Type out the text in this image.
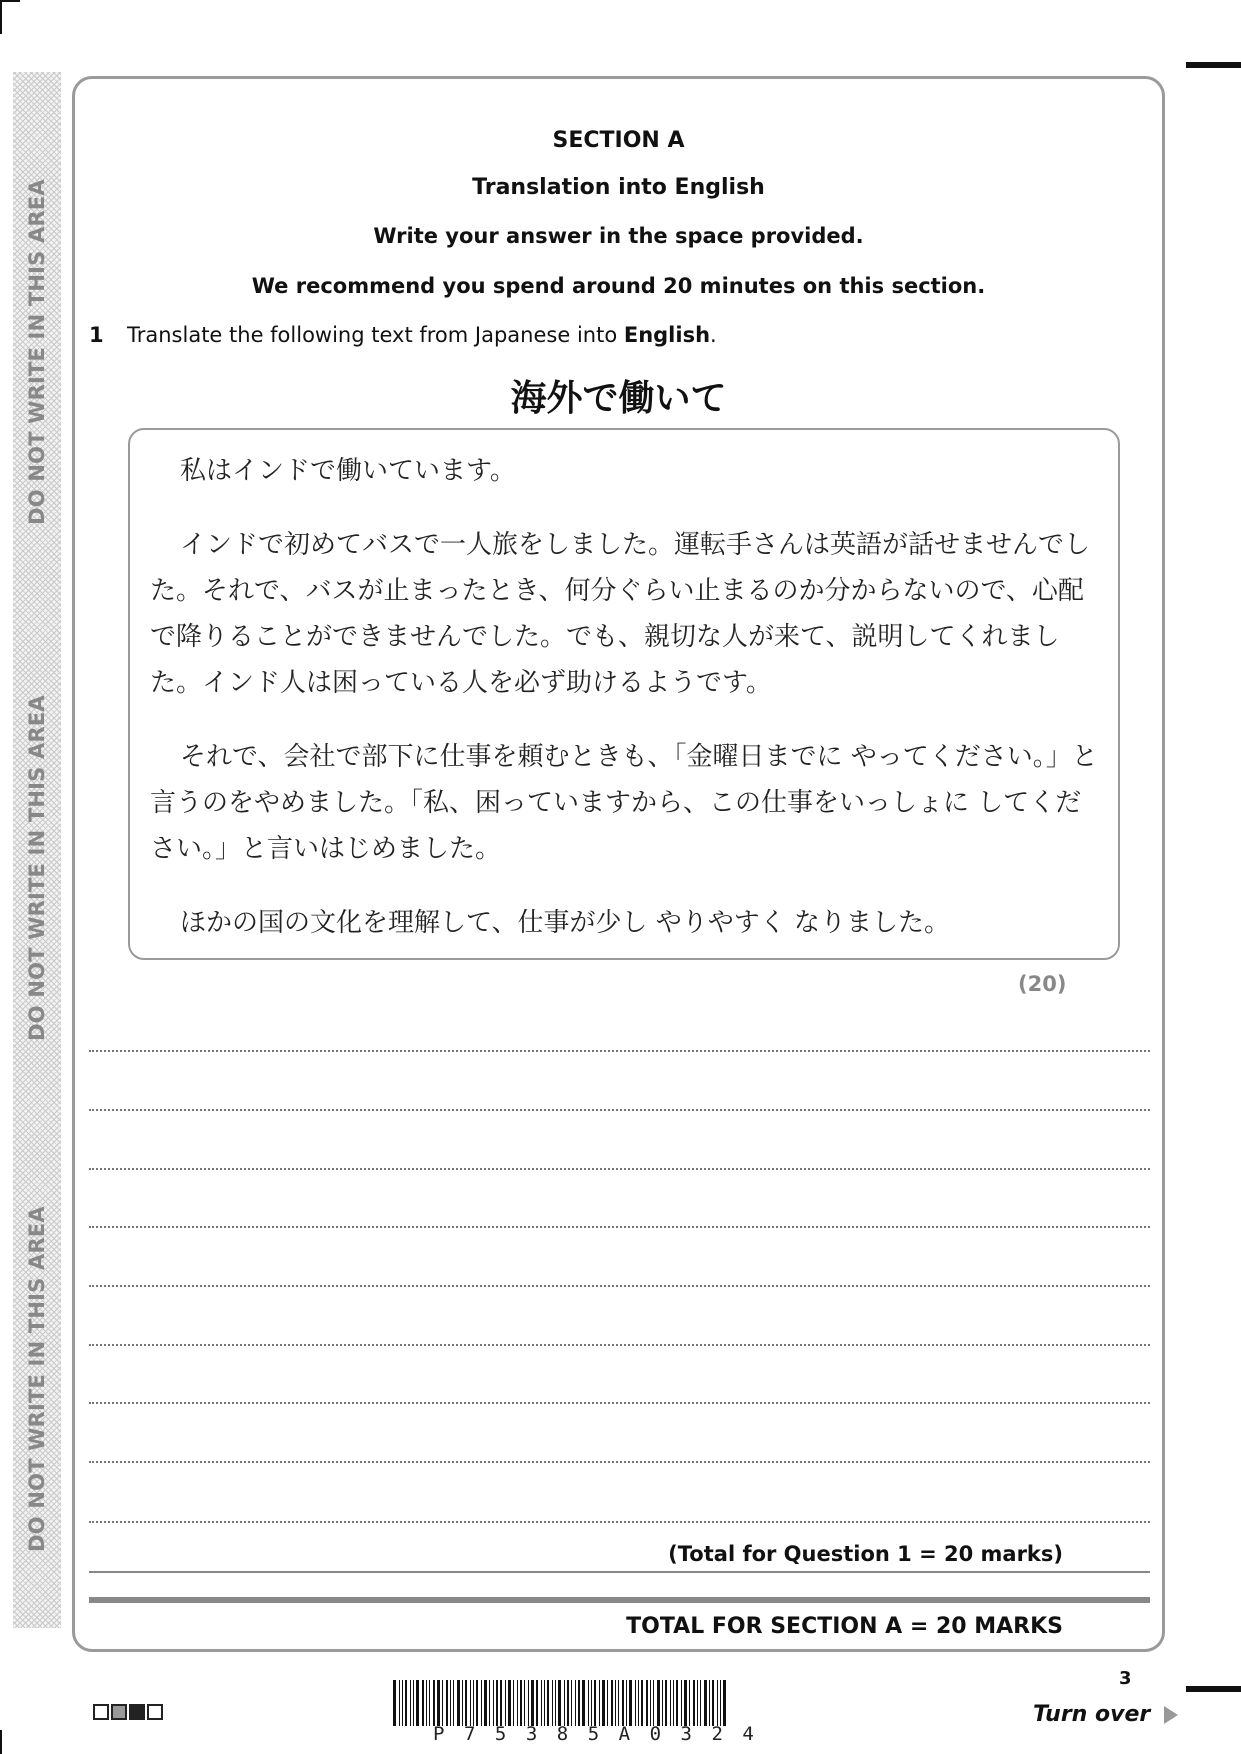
DO NOT WRITE IN THIS AREA
DO NOT WRITE IN THIS AREA
DO NOT WRITE IN THIS AREA
SECTION A
Translation into English
Write your answer in the space provided.
We recommend you spend around 20 minutes on this section.
1 Translate the following text from Japanese into English.
海外で働いて

私はインドで働いています。

インドで初めてバスで一人旅をしました。運転手さんは英語が話せませんでした。それで、バスが止まったとき、何分ぐらい止まるのか分からないので、心配で降りることができませんでした。でも、親切な人が来て、説明してくれました。インド人は困っている人を必ず助けるようです。

それで、会社で部下に仕事を頼むときも、「金曜日までに やってください。」と言うのをやめました。「私、困っていますから、この仕事をいっしょに してください。」と言いはじめました。

ほかの国の文化を理解して、仕事が少し やりやすく なりました。

(20)
(Total for Question 1 = 20 marks)
TOTAL FOR SECTION A = 20 MARKS
P75385A0324
3
Turn over
